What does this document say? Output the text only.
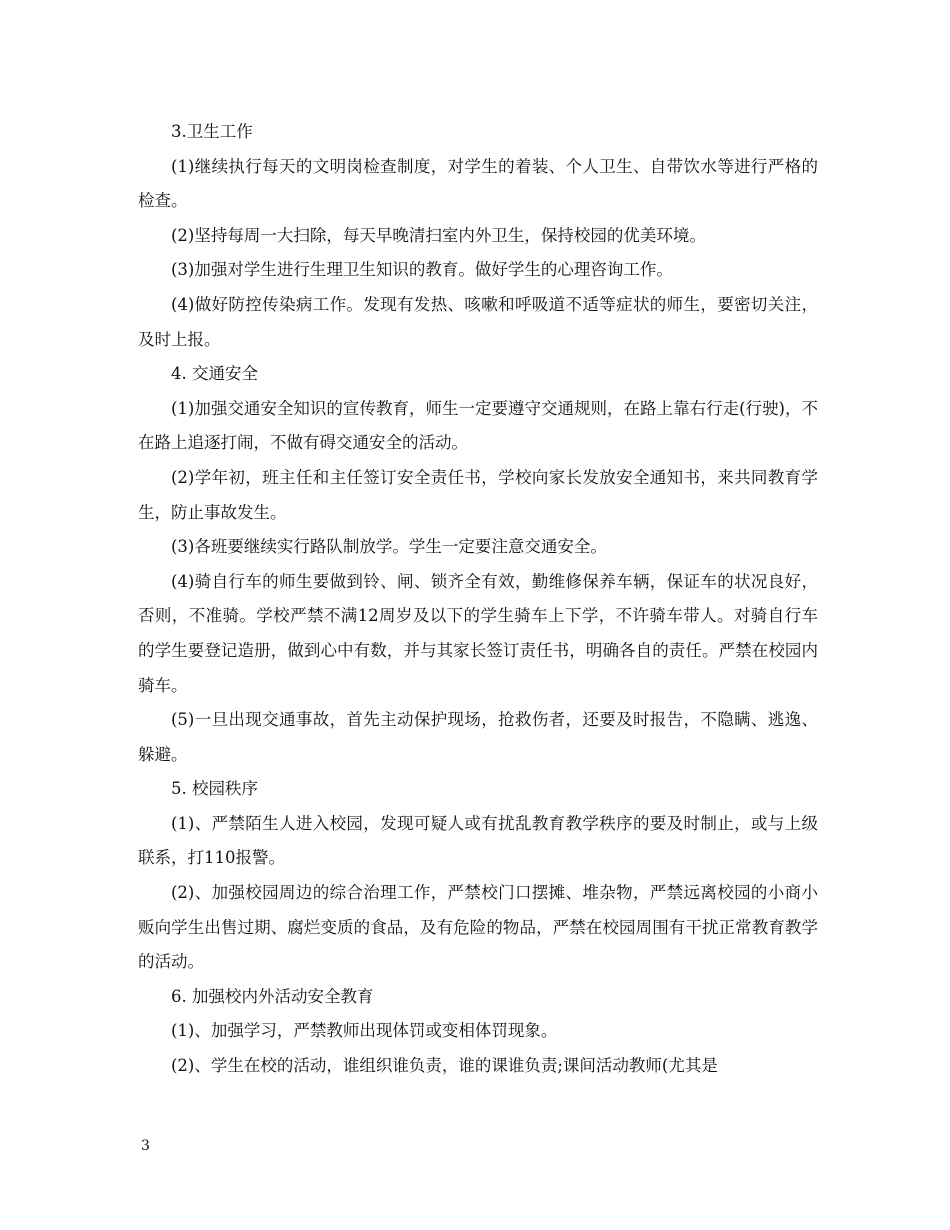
3.卫生工作

(1)继续执行每天的文明岗检查制度，对学生的着装、个人卫生、自带饮水等进行严格的检查。

(2)坚持每周一大扫除，每天早晚清扫室内外卫生，保持校园的优美环境。

(3)加强对学生进行生理卫生知识的教育。做好学生的心理咨询工作。

(4)做好防控传染病工作。发现有发热、咳嗽和呼吸道不适等症状的师生，要密切关注，及时上报。

4. 交通安全

(1)加强交通安全知识的宣传教育，师生一定要遵守交通规则，在路上靠右行走(行驶)，不在路上追逐打闹，不做有碍交通安全的活动。

(2)学年初，班主任和主任签订安全责任书，学校向家长发放安全通知书，来共同教育学生，防止事故发生。

(3)各班要继续实行路队制放学。学生一定要注意交通安全。

(4)骑自行车的师生要做到铃、闸、锁齐全有效，勤维修保养车辆，保证车的状况良好，否则，不准骑。学校严禁不满12周岁及以下的学生骑车上下学，不许骑车带人。对骑自行车的学生要登记造册，做到心中有数，并与其家长签订责任书，明确各自的责任。严禁在校园内骑车。

(5)一旦出现交通事故，首先主动保护现场，抢救伤者，还要及时报告，不隐瞒、逃逸、躲避。

5. 校园秩序

(1)、严禁陌生人进入校园，发现可疑人或有扰乱教育教学秩序的要及时制止，或与上级联系，打110报警。

(2)、加强校园周边的综合治理工作，严禁校门口摆摊、堆杂物，严禁远离校园的小商小贩向学生出售过期、腐烂变质的食品，及有危险的物品，严禁在校园周围有干扰正常教育教学的活动。

6. 加强校内外活动安全教育

(1)、加强学习，严禁教师出现体罚或变相体罚现象。

(2)、学生在校的活动，谁组织谁负责，谁的课谁负责;课间活动教师(尤其是

3
